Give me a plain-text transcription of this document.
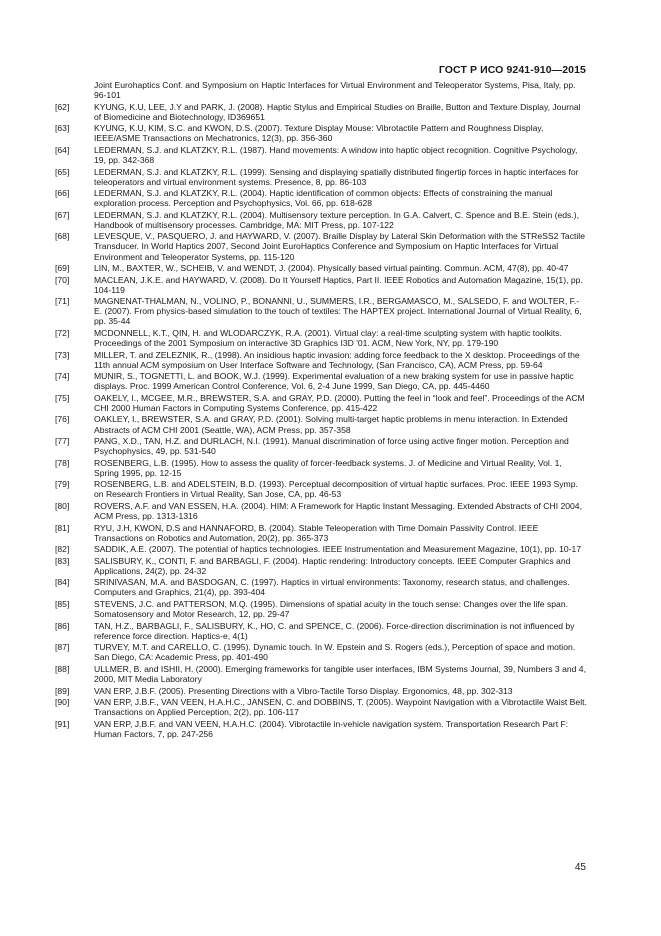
ГОСТ Р ИСО 9241-910—2015
Joint Eurohaptics Conf. and Symposium on Haptic Interfaces for Virtual Environment and Teleoperator Systems, Pisa, Italy, pp. 96-101
[62]	KYUNG, K.U, LEE, J.Y and PARK, J. (2008). Haptic Stylus and Empirical Studies on Braille, Button and Texture Display, Journal of Biomedicine and Biotechnology, ID369651
[63]	KYUNG, K.U, KIM, S.C. and KWON, D.S. (2007). Texture Display Mouse: Vibrotactile Pattern and Roughness Display, IEEE/ASME Transactions on Mechatronics, 12(3), pp. 356-360
[64]	LEDERMAN, S.J. and KLATZKY, R.L. (1987). Hand movements: A window into haptic object recognition. Cognitive Psychology, 19, pp. 342-368
[65]	LEDERMAN, S.J. and KLATZKY, R.L. (1999). Sensing and displaying spatially distributed fingertip forces in haptic interfaces for teleoperators and virtual environment systems. Presence, 8, pp. 86-103
[66]	LEDERMAN, S.J. and KLATZKY, R.L. (2004). Haptic identification of common objects: Effects of constraining the manual exploration process. Perception and Psychophysics, Vol. 66, pp. 618-628
[67]	LEDERMAN, S.J. and KLATZKY, R.L. (2004). Multisensory texture perception. In G.A. Calvert, C. Spence and B.E. Stein (eds.), Handbook of multisensory processes. Cambridge, MA: MIT Press, pp. 107-122
[68]	LEVESQUE, V., PASQUERO, J. and HAYWARD, V. (2007). Braille Display by Lateral Skin Deformation with the STReSS2 Tactile Transducer. In World Haptics 2007, Second Joint EuroHaptics Conference and Symposium on Haptic Interfaces for Virtual Environment and Teleoperator Systems, pp. 115-120
[69]	LIN, M., BAXTER, W., SCHEIB, V. and WENDT, J. (2004). Physically based virtual painting. Commun. ACM, 47(8), pp. 40-47
[70]	MACLEAN, J.K.E. and HAYWARD, V. (2008). Do It Yourself Haptics, Part II. IEEE Robotics and Automation Magazine, 15(1), pp. 104-119
[71]	MAGNENAT-THALMAN, N., VOLINO, P., BONANNI, U., SUMMERS, I.R., BERGAMASCO, M., SALSEDO, F. and WOLTER, F.-E. (2007). From physics-based simulation to the touch of textiles: The HAPTEX project. International Journal of Virtual Reality, 6, pp. 35-44
[72]	MCDONNELL, K.T., QIN, H. and WLODARCZYK, R.A. (2001). Virtual clay: a real-time sculpting system with haptic toolkits. Proceedings of the 2001 Symposium on interactive 3D Graphics I3D '01. ACM, New York, NY, pp. 179-190
[73]	MILLER, T. and ZELEZNIK, R., (1998). An insidious haptic invasion: adding force feedback to the X desktop. Proceedings of the 11th annual ACM symposium on User Interface Software and Technology, (San Francisco, CA), ACM Press, pp. 59-64
[74]	MUNIR, S., TOGNETTI, L. and BOOK, W.J. (1999). Experimental evaluation of a new braking system for use in passive haptic displays. Proc. 1999 American Control Conference, Vol. 6, 2-4 June 1999, San Diego, CA, pp. 445-4460
[75]	OAKELY, I., MCGEE, M.R., BREWSTER, S.A. and GRAY, P.D. (2000). Putting the feel in “look and feel”. Proceedings of the ACM CHI 2000 Human Factors in Computing Systems Conference, pp. 415-422
[76]	OAKLEY, I., BREWSTER, S.A. and GRAY, P.D. (2001). Solving multi-target haptic problems in menu interaction. In Extended Abstracts of ACM CHI 2001 (Seattle, WA), ACM Press, pp. 357-358
[77]	PANG, X.D., TAN, H.Z. and DURLACH, N.I. (1991). Manual discrimination of force using active finger motion. Perception and Psychophysics, 49, pp. 531-540
[78]	ROSENBERG, L.B. (1995). How to assess the quality of forcer-feedback systems. J. of Medicine and Virtual Reality, Vol. 1, Spring 1995, pp. 12-15
[79]	ROSENBERG, L.B. and ADELSTEIN, B.D. (1993). Perceptual decomposition of virtual haptic surfaces. Proc. IEEE 1993 Symp. on Research Frontiers in Virtual Reality, San Jose, CA, pp. 46-53
[80]	ROVERS, A.F. and VAN ESSEN, H.A. (2004). HIM: A Framework for Haptic Instant Messaging. Extended Abstracts of CHI 2004, ACM Press, pp. 1313-1316
[81]	RYU, J.H, KWON, D.S and HANNAFORD, B. (2004). Stable Teleoperation with Time Domain Passivity Control. IEEE Transactions on Robotics and Automation, 20(2), pp. 365-373
[82]	SADDIK, A.E. (2007). The potential of haptics technologies. IEEE Instrumentation and Measurement Magazine, 10(1), pp. 10-17
[83]	SALISBURY, K., CONTI, F. and BARBAGLI, F. (2004). Haptic rendering: Introductory concepts. IEEE Computer Graphics and Applications, 24(2), pp. 24-32
[84]	SRINIVASAN, M.A. and BASDOGAN, C. (1997). Haptics in virtual environments: Taxonomy, research status, and challenges. Computers and Graphics, 21(4), pp. 393-404
[85]	STEVENS, J.C. and PATTERSON, M.Q. (1995). Dimensions of spatial acuity in the touch sense: Changes over the life span. Somatosensory and Motor Research, 12, pp. 29-47
[86]	TAN, H.Z., BARBAGLI, F., SALISBURY, K., HO, C. and SPENCE, C. (2006). Force-direction discrimination is not influenced by reference force direction. Haptics-e, 4(1)
[87]	TURVEY, M.T. and CARELLO, C. (1995). Dynamic touch. In W. Epstein and S. Rogers (eds.), Perception of space and motion. San Diego, CA: Academic Press, pp. 401-490
[88]	ULLMER, B. and ISHII, H. (2000). Emerging frameworks for tangible user interfaces, IBM Systems Journal, 39, Numbers 3 and 4, 2000, MIT Media Laboratory
[89]	VAN ERP, J.B.F. (2005). Presenting Directions with a Vibro-Tactile Torso Display. Ergonomics, 48, pp. 302-313
[90]	VAN ERP, J.B.F., VAN VEEN, H.A.H.C., JANSEN, C. and DOBBINS, T. (2005). Waypoint Navigation with a Vibrotactile Waist Belt. Transactions on Applied Perception, 2(2), pp. 106-117
[91]	VAN ERP, J.B.F. and VAN VEEN, H.A.H.C. (2004). Vibrotactile in-vehicle navigation system. Transportation Research Part F: Human Factors, 7, pp. 247-256
45
